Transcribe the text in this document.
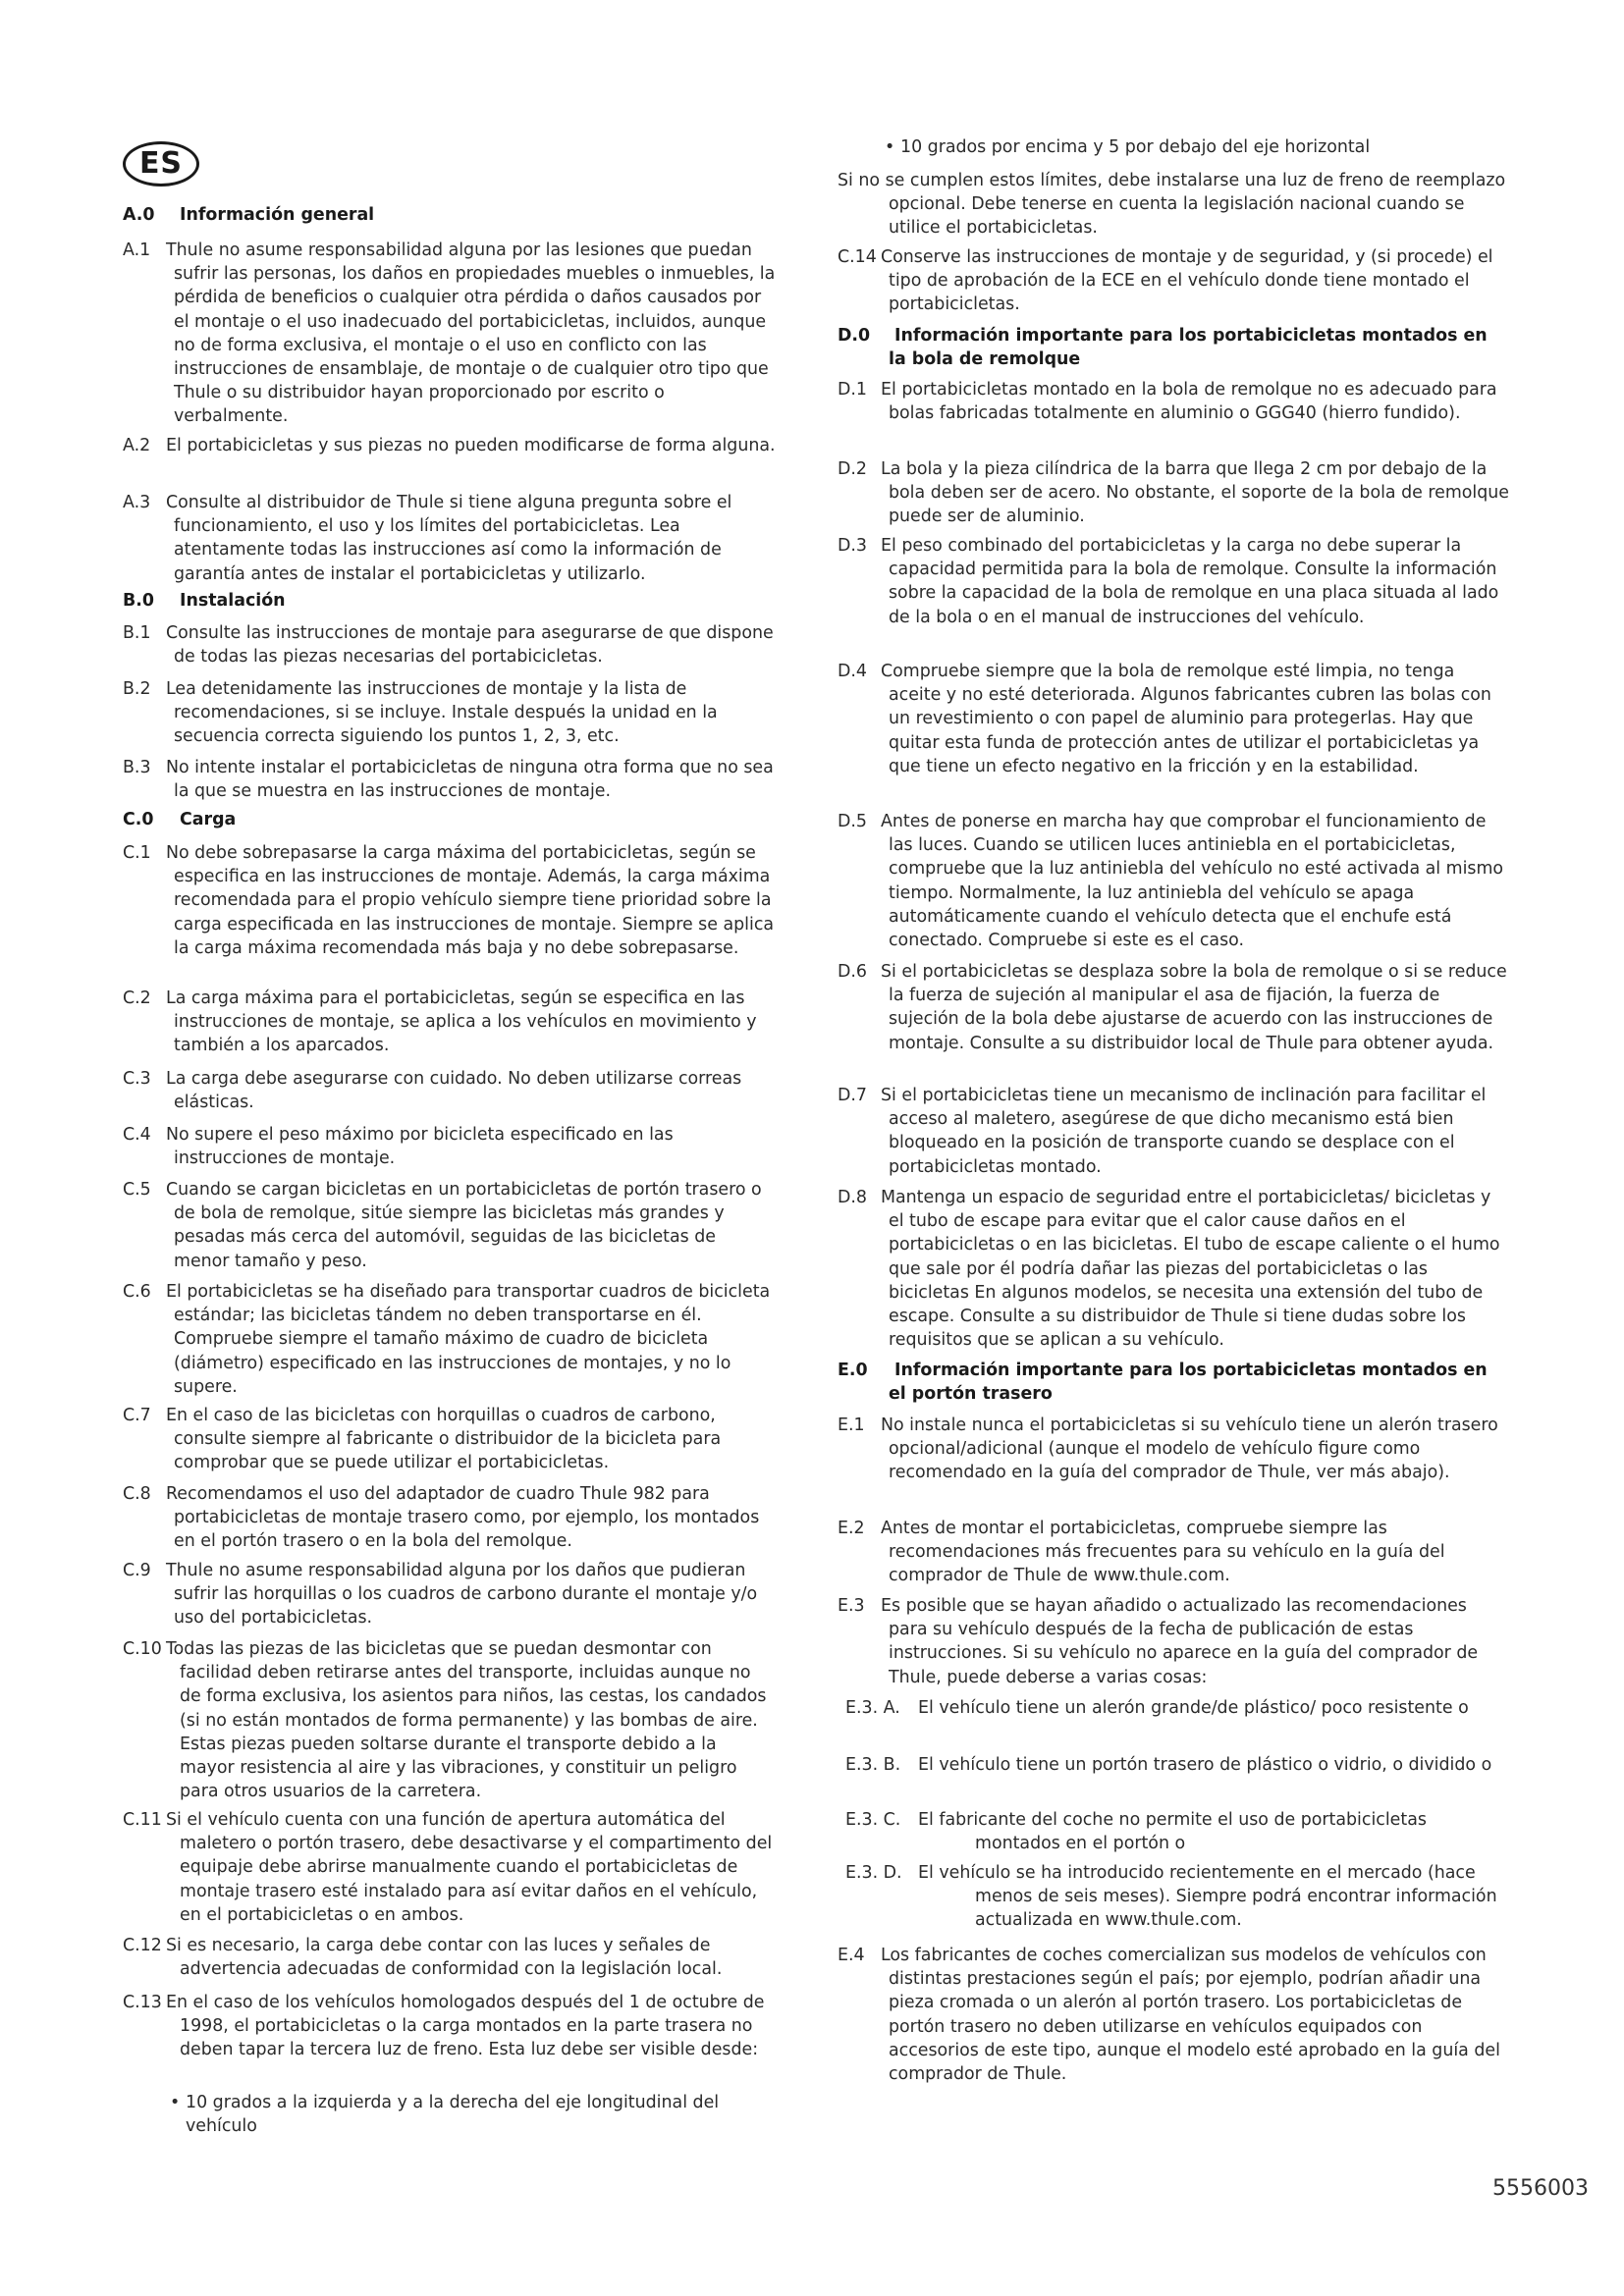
ES
A.0 Información general
A.1 Thule no asume responsabilidad alguna por las lesiones que puedan sufrir las personas, los daños en propiedades muebles o inmuebles, la pérdida de beneficios o cualquier otra pérdida o daños causados por el montaje o el uso inadecuado del portabicicletas, incluidos, aunque no de forma exclusiva, el montaje o el uso en conflicto con las instrucciones de ensamblaje, de montaje o de cualquier otro tipo que Thule o su distribuidor hayan proporcionado por escrito o verbalmente.
A.2 El portabicicletas y sus piezas no pueden modificarse de forma alguna.
A.3 Consulte al distribuidor de Thule si tiene alguna pregunta sobre el funcionamiento, el uso y los límites del portabicicletas. Lea atentamente todas las instrucciones así como la información de garantía antes de instalar el portabicicletas y utilizarlo.
B.0 Instalación
B.1 Consulte las instrucciones de montaje para asegurarse de que dispone de todas las piezas necesarias del portabicicletas.
B.2 Lea detenidamente las instrucciones de montaje y la lista de recomendaciones, si se incluye. Instale después la unidad en la secuencia correcta siguiendo los puntos 1, 2, 3, etc.
B.3 No intente instalar el portabicicletas de ninguna otra forma que no sea la que se muestra en las instrucciones de montaje.
C.0 Carga
C.1 No debe sobrepasarse la carga máxima del portabicicletas, según se especifica en las instrucciones de montaje. Además, la carga máxima recomendada para el propio vehículo siempre tiene prioridad sobre la carga especificada en las instrucciones de montaje. Siempre se aplica la carga máxima recomendada más baja y no debe sobrepasarse.
C.2 La carga máxima para el portabicicletas, según se especifica en las instrucciones de montaje, se aplica a los vehículos en movimiento y también a los aparcados.
C.3 La carga debe asegurarse con cuidado. No deben utilizarse correas elásticas.
C.4 No supere el peso máximo por bicicleta especificado en las instrucciones de montaje.
C.5 Cuando se cargan bicicletas en un portabicicletas de portón trasero o de bola de remolque, sitúe siempre las bicicletas más grandes y pesadas más cerca del automóvil, seguidas de las bicicletas de menor tamaño y peso.
C.6 El portabicicletas se ha diseñado para transportar cuadros de bicicleta estándar; las bicicletas tándem no deben transportarse en él. Compruebe siempre el tamaño máximo de cuadro de bicicleta (diámetro) especificado en las instrucciones de montajes, y no lo supere.
C.7 En el caso de las bicicletas con horquillas o cuadros de carbono, consulte siempre al fabricante o distribuidor de la bicicleta para comprobar que se puede utilizar el portabicicletas.
C.8 Recomendamos el uso del adaptador de cuadro Thule 982 para portabicicletas de montaje trasero como, por ejemplo, los montados en el portón trasero o en la bola del remolque.
C.9 Thule no asume responsabilidad alguna por los daños que pudieran sufrir las horquillas o los cuadros de carbono durante el montaje y/o uso del portabicicletas.
C.10 Todas las piezas de las bicicletas que se puedan desmontar con facilidad deben retirarse antes del transporte, incluidas aunque no de forma exclusiva, los asientos para niños, las cestas, los candados (si no están montados de forma permanente) y las bombas de aire. Estas piezas pueden soltarse durante el transporte debido a la mayor resistencia al aire y las vibraciones, y constituir un peligro para otros usuarios de la carretera.
C.11 Si el vehículo cuenta con una función de apertura automática del maletero o portón trasero, debe desactivarse y el compartimento del equipaje debe abrirse manualmente cuando el portabicicletas de montaje trasero esté instalado para así evitar daños en el vehículo, en el portabicicletas o en ambos.
C.12 Si es necesario, la carga debe contar con las luces y señales de advertencia adecuadas de conformidad con la legislación local.
C.13 En el caso de los vehículos homologados después del 1 de octubre de 1998, el portabicicletas o la carga montados en la parte trasera no deben tapar la tercera luz de freno. Esta luz debe ser visible desde:
• 10 grados a la izquierda y a la derecha del eje longitudinal del vehículo
• 10 grados por encima y 5 por debajo del eje horizontal
Si no se cumplen estos límites, debe instalarse una luz de freno de reemplazo opcional. Debe tenerse en cuenta la legislación nacional cuando se utilice el portabicicletas.
C.14 Conserve las instrucciones de montaje y de seguridad, y (si procede) el tipo de aprobación de la ECE en el vehículo donde tiene montado el portabicicletas.
D.0 Información importante para los portabicicletas montados en la bola de remolque
D.1 El portabicicletas montado en la bola de remolque no es adecuado para bolas fabricadas totalmente en aluminio o GGG40 (hierro fundido).
D.2 La bola y la pieza cilíndrica de la barra que llega 2 cm por debajo de la bola deben ser de acero. No obstante, el soporte de la bola de remolque puede ser de aluminio.
D.3 El peso combinado del portabicicletas y la carga no debe superar la capacidad permitida para la bola de remolque. Consulte la información sobre la capacidad de la bola de remolque en una placa situada al lado de la bola o en el manual de instrucciones del vehículo.
D.4 Compruebe siempre que la bola de remolque esté limpia, no tenga aceite y no esté deteriorada. Algunos fabricantes cubren las bolas con un revestimiento o con papel de aluminio para protegerlas. Hay que quitar esta funda de protección antes de utilizar el portabicicletas ya que tiene un efecto negativo en la fricción y en la estabilidad.
D.5 Antes de ponerse en marcha hay que comprobar el funcionamiento de las luces. Cuando se utilicen luces antiniebla en el portabicicletas, compruebe que la luz antiniebla del vehículo no esté activada al mismo tiempo. Normalmente, la luz antiniebla del vehículo se apaga automáticamente cuando el vehículo detecta que el enchufe está conectado. Compruebe si este es el caso.
D.6 Si el portabicicletas se desplaza sobre la bola de remolque o si se reduce la fuerza de sujeción al manipular el asa de fijación, la fuerza de sujeción de la bola debe ajustarse de acuerdo con las instrucciones de montaje. Consulte a su distribuidor local de Thule para obtener ayuda.
D.7 Si el portabicicletas tiene un mecanismo de inclinación para facilitar el acceso al maletero, asegúrese de que dicho mecanismo está bien bloqueado en la posición de transporte cuando se desplace con el portabicicletas montado.
D.8 Mantenga un espacio de seguridad entre el portabicicletas/ bicicletas y el tubo de escape para evitar que el calor cause daños en el portabicicletas o en las bicicletas. El tubo de escape caliente o el humo que sale por él podría dañar las piezas del portabicicletas o las bicicletas En algunos modelos, se necesita una extensión del tubo de escape. Consulte a su distribuidor de Thule si tiene dudas sobre los requisitos que se aplican a su vehículo.
E.0 Información importante para los portabicicletas montados en el portón trasero
E.1 No instale nunca el portabicicletas si su vehículo tiene un alerón trasero opcional/adicional (aunque el modelo de vehículo figure como recomendado en la guía del comprador de Thule, ver más abajo).
E.2 Antes de montar el portabicicletas, compruebe siempre las recomendaciones más frecuentes para su vehículo en la guía del comprador de Thule de www.thule.com.
E.3 Es posible que se hayan añadido o actualizado las recomendaciones para su vehículo después de la fecha de publicación de estas instrucciones. Si su vehículo no aparece en la guía del comprador de Thule, puede deberse a varias cosas:
E.3. A. El vehículo tiene un alerón grande/de plástico/ poco resistente o
E.3. B. El vehículo tiene un portón trasero de plástico o vidrio, o dividido o
E.3. C. El fabricante del coche no permite el uso de portabicicletas montados en el portón o
E.3. D. El vehículo se ha introducido recientemente en el mercado (hace menos de seis meses). Siempre podrá encontrar información actualizada en www.thule.com.
E.4 Los fabricantes de coches comercializan sus modelos de vehículos con distintas prestaciones según el país; por ejemplo, podrían añadir una pieza cromada o un alerón al portón trasero. Los portabicicletas de portón trasero no deben utilizarse en vehículos equipados con accesorios de este tipo, aunque el modelo esté aprobado en la guía del comprador de Thule.
5556003
